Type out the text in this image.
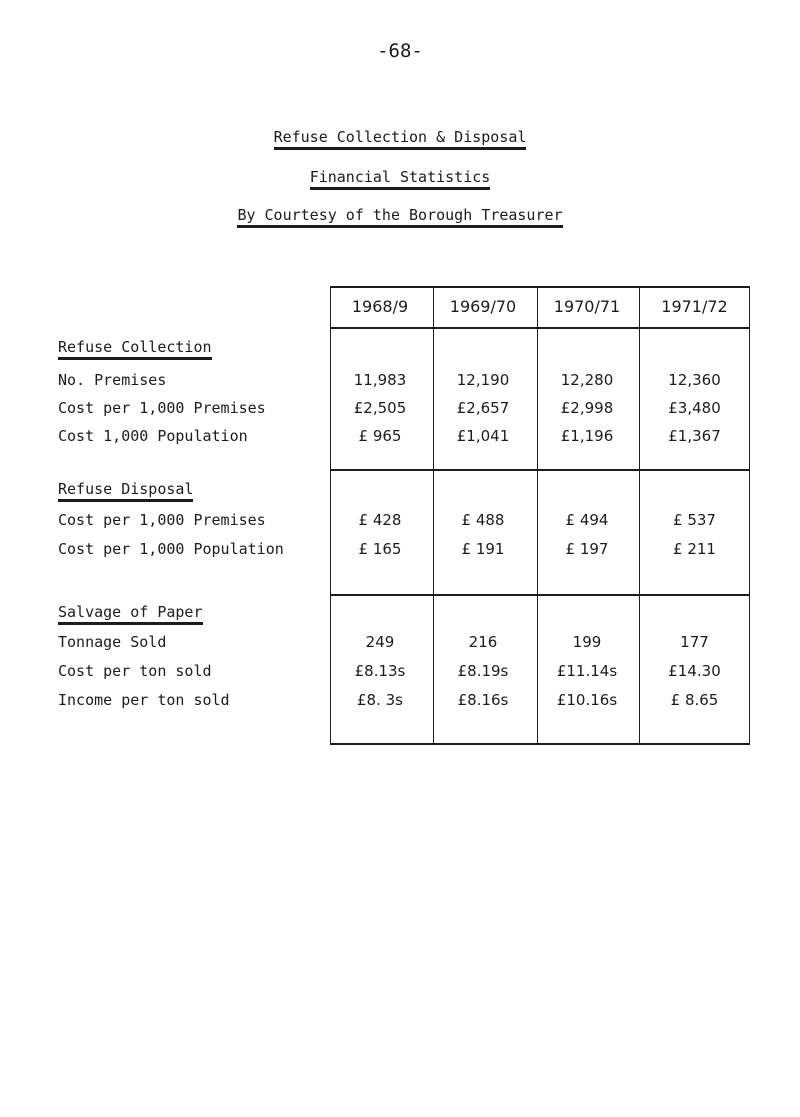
-68-
Refuse Collection & Disposal
Financial Statistics
By Courtesy of the Borough Treasurer
1968/9	1969/70	1970/71	1971/72
Refuse Collection
No. Premises	11,983	12,190	12,280	12,360
Cost per 1,000 Premises	£2,505	£2,657	£2,998	£3,480
Cost 1,000 Population	£ 965	£1,041	£1,196	£1,367
Refuse Disposal
Cost per 1,000 Premises	£ 428	£ 488	£ 494	£ 537
Cost per 1,000 Population	£ 165	£ 191	£ 197	£ 211
Salvage of Paper
Tonnage Sold	249	216	199	177
Cost per ton sold	£8.13s	£8.19s	£11.14s	£14.30
Income per ton sold	£8. 3s	£8.16s	£10.16s	£ 8.65
